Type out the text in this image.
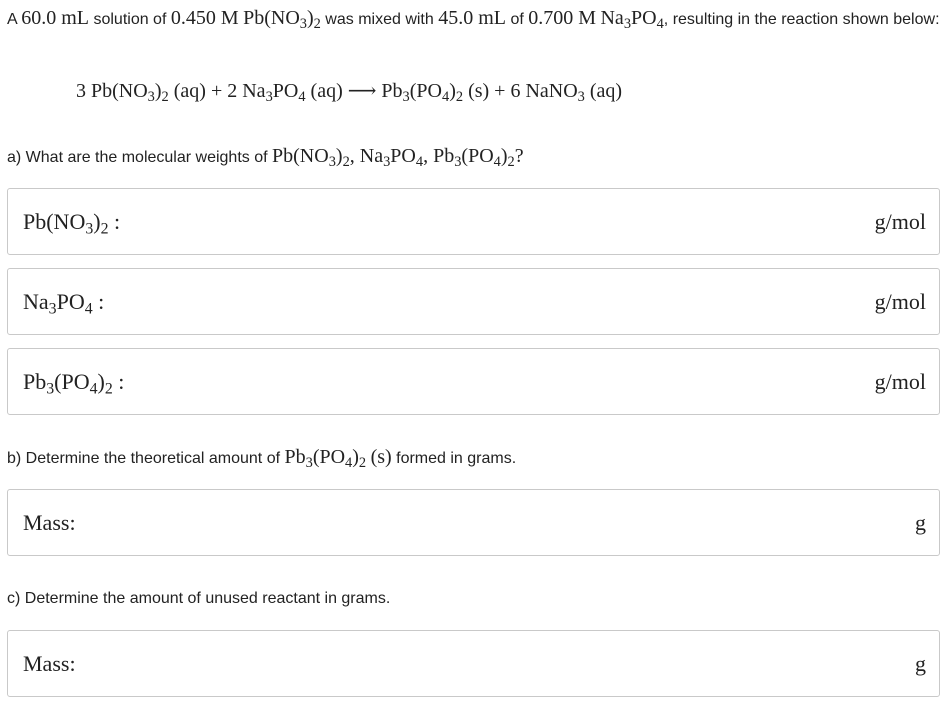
A 60.0 mL solution of 0.450 M $Pb(NO_3)_2$ was mixed with 45.0 mL of 0.700 M $Na_3PO_4$, resulting in the reaction shown below:
3 $Pb(NO_3)_2$ (aq) + 2 $Na_3PO_4$ (aq) ⟶ $Pb_3(PO_4)_2$ (s) + 6 NaNO$_3$ (aq)
a) What are the molecular weights of $Pb(NO_3)_2$, $Na_3PO_4$, $Pb_3(PO_4)_2$?
$Pb(NO_3)_2$ :	g/mol
$Na_3PO_4$ :	g/mol
$Pb_3(PO_4)_2$ :	g/mol
b) Determine the theoretical amount of $Pb_3(PO_4)_2$ (s) formed in grams.
Mass:	g
c) Determine the amount of unused reactant in grams.
Mass:	g
